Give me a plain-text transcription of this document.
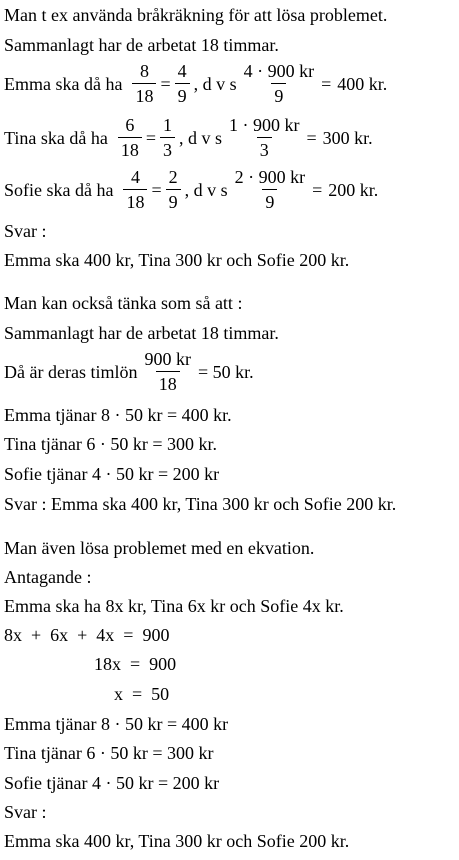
Man t ex använda bråkräkning för att lösa problemet.
Sammanlagt har de arbetat 18 timmar.
Emma ska då ha $\frac{8}{18} = \frac{4}{9}$ , d v s $\frac{4 \cdot 900 kr}{9} = 400$ kr.
Tina ska då ha $\frac{6}{18} = \frac{1}{3}$ , d v s $\frac{1 \cdot 900 kr}{3} = 300$ kr.
Sofie ska då ha $\frac{4}{18} = \frac{2}{9}$ , d v s $\frac{2 \cdot 900 kr}{9} = 200$ kr.
Svar :
Emma ska 400 kr, Tina 300 kr och Sofie 200 kr.
Man kan också tänka som så att :
Sammanlagt har de arbetat 18 timmar.
Då är deras timlön $\frac{900 kr}{18} = 50$ kr.
Emma tjänar 8 · 50 kr = 400 kr.
Tina tjänar 6 · 50 kr = 300 kr.
Sofie tjänar 4 · 50 kr = 200 kr
Svar : Emma ska 400 kr, Tina 300 kr och Sofie 200 kr.
Man även lösa problemet med en ekvation.
Antagande :
Emma ska ha 8x kr, Tina 6x kr och Sofie 4x kr.
8x  +  6x  +  4x  =  900
18x  =  900
x  =  50
Emma tjänar 8 · 50 kr = 400 kr
Tina tjänar 6 · 50 kr = 300 kr
Sofie tjänar 4 · 50 kr = 200 kr
Svar :
Emma ska 400 kr, Tina 300 kr och Sofie 200 kr.
